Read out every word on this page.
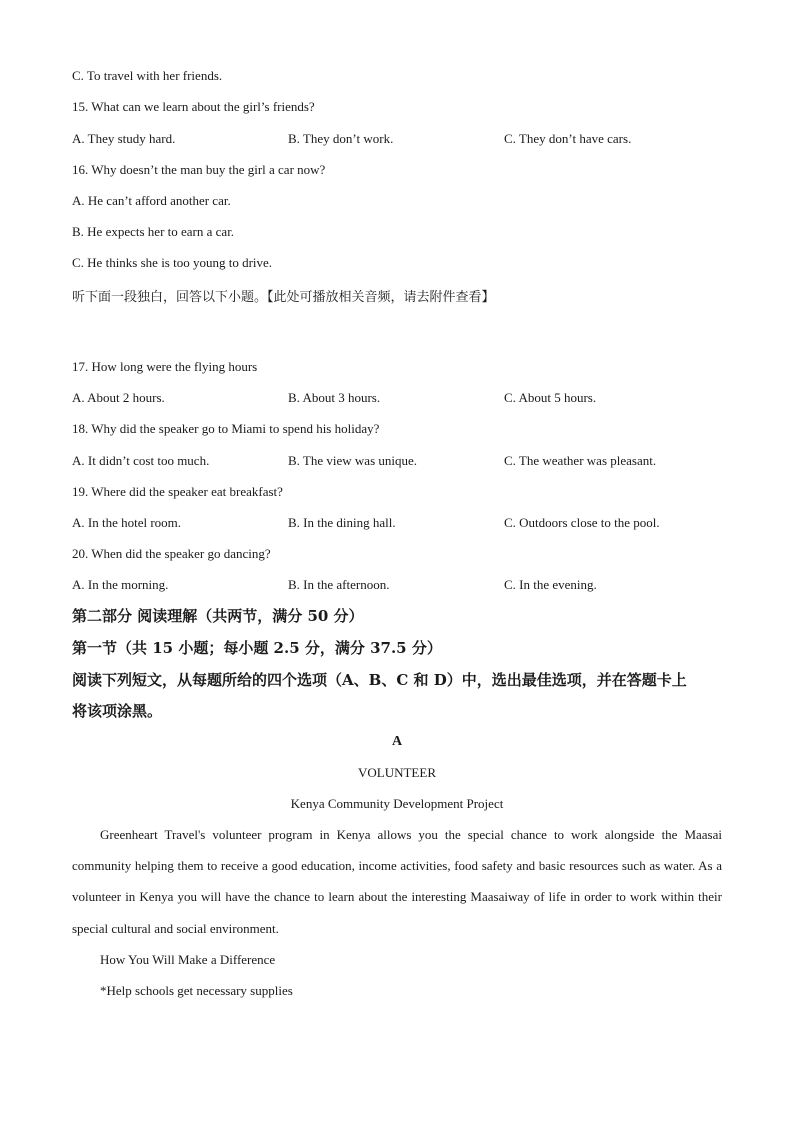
C. To travel with her friends.
15. What can we learn about the girl’s friends?
A. They study hard.	B. They don’t work.	C. They don’t have cars.
16. Why doesn’t the man buy the girl a car now?
A. He can’t afford another car.
B. He expects her to earn a car.
C. He thinks she is too young to drive.
听下面一段独白，回答以下小题。【此处可播放相关音频，请去附件查看】
17. How long were the flying hours
A. About 2 hours.	B. About 3 hours.	C. About 5 hours.
18. Why did the speaker go to Miami to spend his holiday?
A. It didn’t cost too much.	B. The view was unique.	C. The weather was pleasant.
19. Where did the speaker eat breakfast?
A. In the hotel room.	B. In the dining hall.	C. Outdoors close to the pool.
20. When did the speaker go dancing?
A. In the morning.	B. In the afternoon.	C. In the evening.
第二部分 阅读理解（共两节，满分 50 分）
第一节（共 15 小题；每小题 2.5 分，满分 37.5 分）
阅读下列短文，从每题所给的四个选项（A、B、C 和 D）中，选出最佳选项，并在答题卡上
将该项涂黑。
A
VOLUNTEER
Kenya Community Development Project

Greenheart Travel's volunteer program in Kenya allows you the special chance to work alongside the Maasai community helping them to receive a good education, income activities, food safety and basic resources such as water. As a volunteer in Kenya you will have the chance to learn about the interesting Maasaiway of life in order to work within their special cultural and social environment.

How You Will Make a Difference
*Help schools get necessary supplies
